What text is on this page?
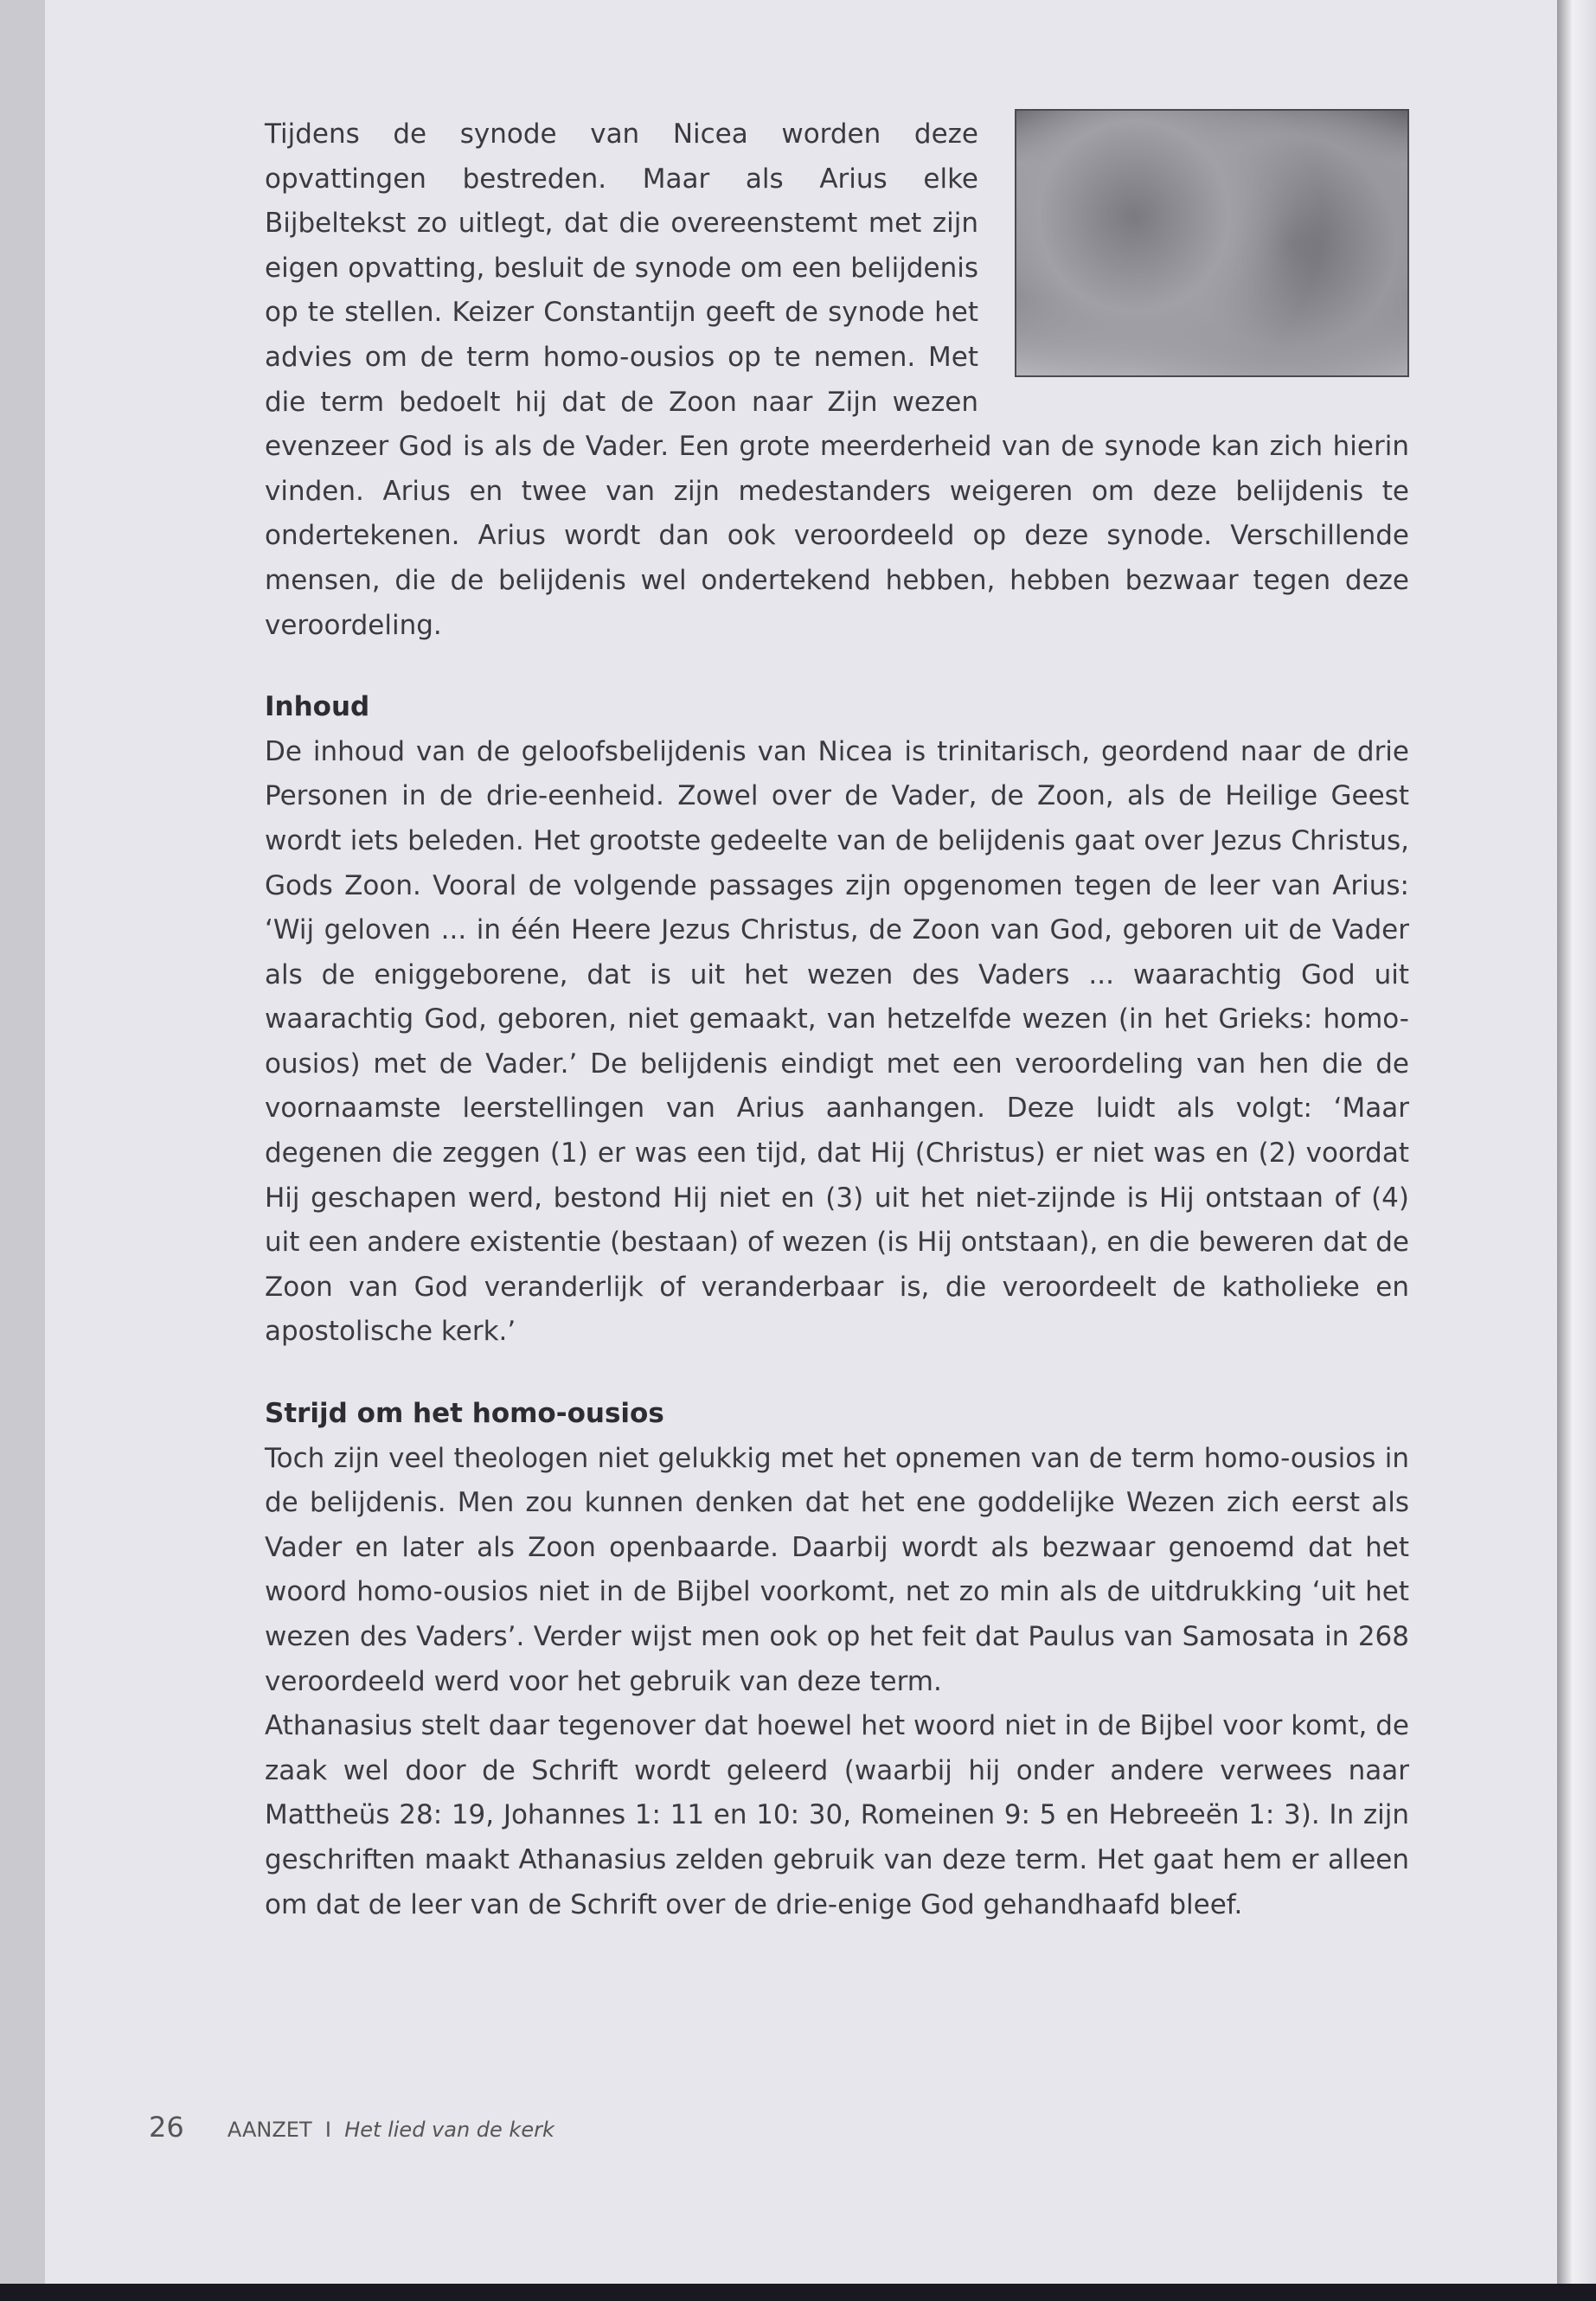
Tijdens de synode van Nicea worden deze opvattingen bestreden. Maar als Arius elke Bijbeltekst zo uitlegt, dat die overeenstemt met zijn eigen opvatting, besluit de synode om een belijdenis op te stellen. Keizer Constantijn geeft de synode het advies om de term homo-ousios op te nemen. Met die term bedoelt hij dat de Zoon naar Zijn wezen evenzeer God is als de Vader. Een grote meerderheid van de synode kan zich hierin vinden. Arius en twee van zijn medestanders weigeren om deze belijdenis te ondertekenen. Arius wordt dan ook veroordeeld op deze synode. Verschillende mensen, die de belijdenis wel ondertekend hebben, hebben bezwaar tegen deze veroordeling.

Inhoud

De inhoud van de geloofsbelijdenis van Nicea is trinitarisch, geordend naar de drie Personen in de drie-eenheid. Zowel over de Vader, de Zoon, als de Heilige Geest wordt iets beleden. Het grootste gedeelte van de belijdenis gaat over Jezus Christus, Gods Zoon. Vooral de volgende passages zijn opgenomen tegen de leer van Arius: ‘Wij geloven ... in één Heere Jezus Christus, de Zoon van God, geboren uit de Vader als de eniggeborene, dat is uit het wezen des Vaders ... waarachtig God uit waarachtig God, geboren, niet gemaakt, van hetzelfde wezen (in het Grieks: homo-ousios) met de Vader.’ De belijdenis eindigt met een veroordeling van hen die de voornaamste leerstellingen van Arius aanhangen. Deze luidt als volgt: ‘Maar degenen die zeggen (1) er was een tijd, dat Hij (Christus) er niet was en (2) voordat Hij geschapen werd, bestond Hij niet en (3) uit het niet-zijnde is Hij ontstaan of (4) uit een andere existentie (bestaan) of wezen (is Hij ontstaan), en die beweren dat de Zoon van God veranderlijk of veranderbaar is, die veroordeelt de katholieke en apostolische kerk.’

Strijd om het homo-ousios

Toch zijn veel theologen niet gelukkig met het opnemen van de term homo-ousios in de belijdenis. Men zou kunnen denken dat het ene goddelijke Wezen zich eerst als Vader en later als Zoon openbaarde. Daarbij wordt als bezwaar genoemd dat het woord homo-ousios niet in de Bijbel voorkomt, net zo min als de uitdrukking ‘uit het wezen des Vaders’. Verder wijst men ook op het feit dat Paulus van Samosata in 268 veroordeeld werd voor het gebruik van deze term.

Athanasius stelt daar tegenover dat hoewel het woord niet in de Bijbel voor komt, de zaak wel door de Schrift wordt geleerd (waarbij hij onder andere verwees naar Mattheüs 28: 19, Johannes 1: 11 en 10: 30, Romeinen 9: 5 en Hebreeën 1: 3). In zijn geschriften maakt Athanasius zelden gebruik van deze term. Het gaat hem er alleen om dat de leer van de Schrift over de drie-enige God gehandhaafd bleef.

26 AANZET I Het lied van de kerk
